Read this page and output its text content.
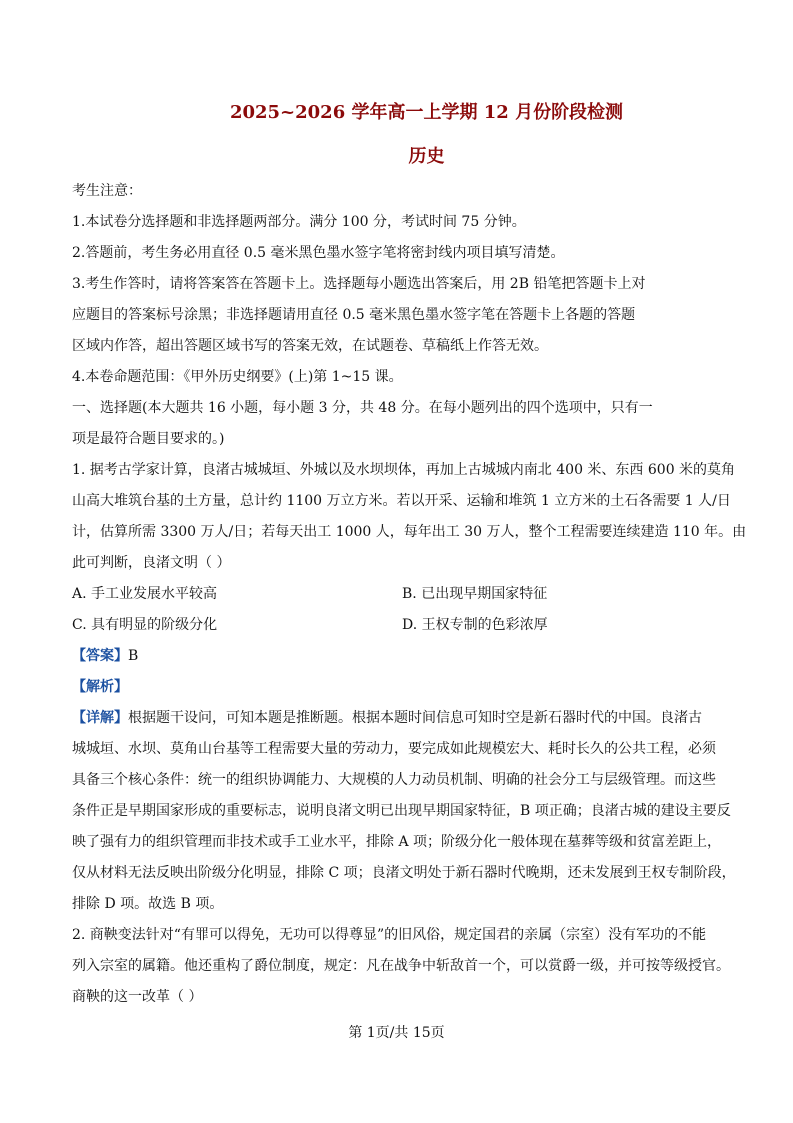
2025~2026 学年高一上学期 12 月份阶段检测
历史
考生注意：
1.本试卷分选择题和非选择题两部分。满分 100 分，考试时间 75 分钟。
2.答题前，考生务必用直径 0.5 毫米黑色墨水签字笔将密封线内项目填写清楚。
3.考生作答时，请将答案答在答题卡上。选择题每小题选出答案后，用 2B 铅笔把答题卡上对
应题目的答案标号涂黑；非选择题请用直径 0.5 毫米黑色墨水签字笔在答题卡上各题的答题
区域内作答，超出答题区域书写的答案无效，在试题卷、草稿纸上作答无效。
4.本卷命题范围：《甲外历史纲要》(上)第 1~15 课。
一、选择题(本大题共 16 小题，每小题 3 分，共 48 分。在每小题列出的四个选项中，只有一
项是最符合题目要求的。)
1. 据考古学家计算，良渚古城城垣、外城以及水坝坝体，再加上古城城内南北 400 米、东西 600 米的莫角
山高大堆筑台基的土方量，总计约 1100 万立方米。若以开采、运输和堆筑 1 立方米的土石各需要 1 人/日
计，估算所需 3300 万人/日；若每天出工 1000 人，每年出工 30 万人，整个工程需要连续建造 110 年。由
此可判断，良渚文明（ ）
A. 手工业发展水平较高	B. 已出现早期国家特征
C. 具有明显的阶级分化	D. 王权专制的色彩浓厚
【答案】B
【解析】
【详解】根据题干设问，可知本题是推断题。根据本题时间信息可知时空是新石器时代的中国。良渚古
城城垣、水坝、莫角山台基等工程需要大量的劳动力，要完成如此规模宏大、耗时长久的公共工程，必须
具备三个核心条件：统一的组织协调能力、大规模的人力动员机制、明确的社会分工与层级管理。而这些
条件正是早期国家形成的重要标志，说明良渚文明已出现早期国家特征，B 项正确；良渚古城的建设主要反
映了强有力的组织管理而非技术或手工业水平，排除 A 项；阶级分化一般体现在墓葬等级和贫富差距上，
仅从材料无法反映出阶级分化明显，排除 C 项；良渚文明处于新石器时代晚期，还未发展到王权专制阶段，
排除 D 项。故选 B 项。
2. 商鞅变法针对“有罪可以得免，无功可以得尊显”的旧风俗，规定国君的亲属（宗室）没有军功的不能
列入宗室的属籍。他还重构了爵位制度，规定：凡在战争中斩敌首一个，可以赏爵一级，并可按等级授官。
商鞅的这一改革（ ）
第 1页/共 15页
